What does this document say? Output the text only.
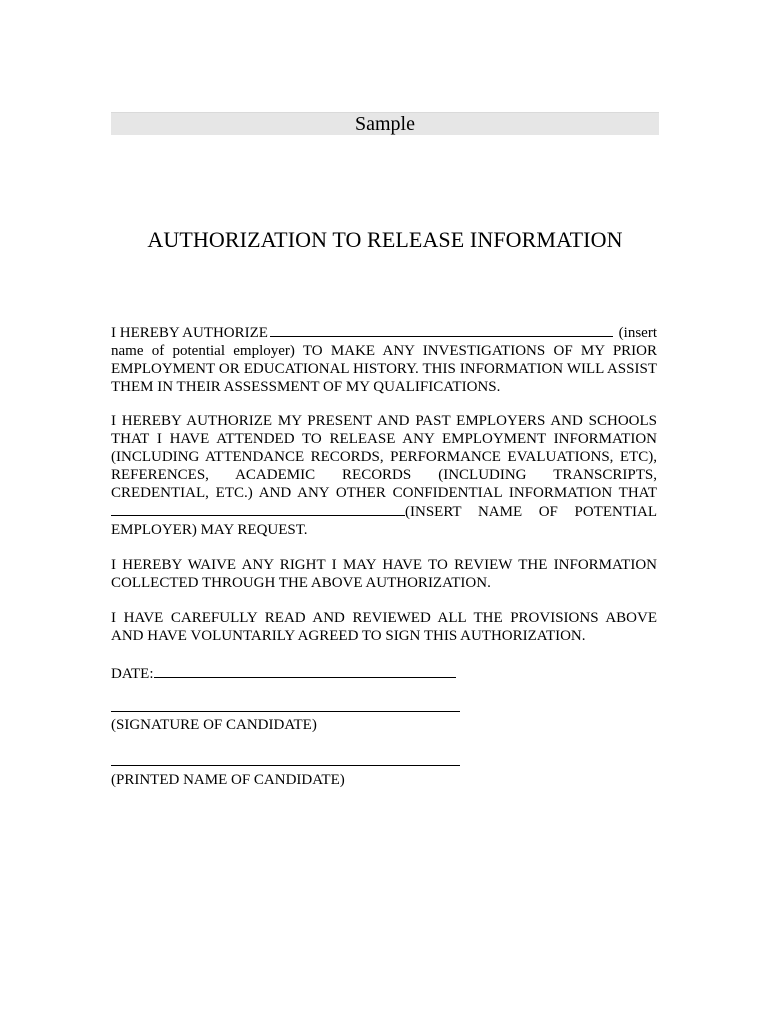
Sample
AUTHORIZATION TO RELEASE INFORMATION
I HEREBY AUTHORIZE	(insert
name of potential employer) TO MAKE ANY INVESTIGATIONS OF MY PRIOR EMPLOYMENT OR EDUCATIONAL HISTORY. THIS INFORMATION WILL ASSIST THEM IN THEIR ASSESSMENT OF MY QUALIFICATIONS.
I HEREBY AUTHORIZE MY PRESENT AND PAST EMPLOYERS AND SCHOOLS THAT I HAVE ATTENDED TO RELEASE ANY EMPLOYMENT INFORMATION (INCLUDING ATTENDANCE RECORDS, PERFORMANCE EVALUATIONS, ETC), REFERENCES, ACADEMIC RECORDS (INCLUDING TRANSCRIPTS, CREDENTIAL, ETC.) AND ANY OTHER CONFIDENTIAL INFORMATION THAT
(INSERT NAME OF POTENTIAL
EMPLOYER) MAY REQUEST.
I HEREBY WAIVE ANY RIGHT I MAY HAVE TO REVIEW THE INFORMATION COLLECTED THROUGH THE ABOVE AUTHORIZATION.
I HAVE CAREFULLY READ AND REVIEWED ALL THE PROVISIONS ABOVE AND HAVE VOLUNTARILY AGREED TO SIGN THIS AUTHORIZATION.
DATE:
(SIGNATURE OF CANDIDATE)
(PRINTED NAME OF CANDIDATE)
